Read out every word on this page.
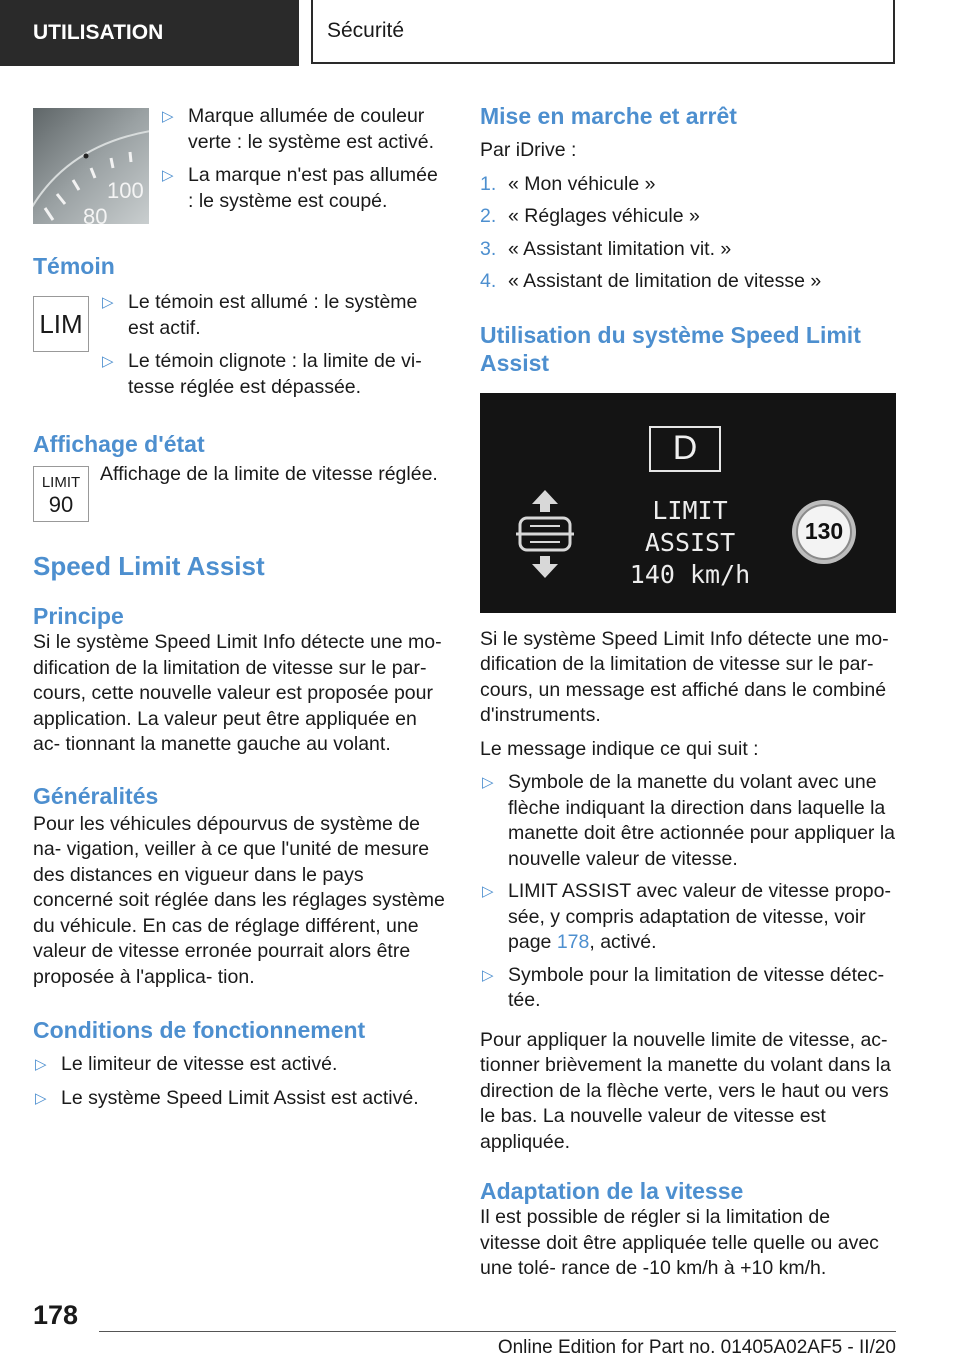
UTILISATION	Sécurité
100
80
▷ Marque allumée de couleur verte : le système est activé.
▷ La marque n'est pas allumée : le système est coupé.
Témoin
LIM
▷ Le témoin est allumé : le système est actif.
▷ Le témoin clignote : la limite de vi‐ tesse réglée est dépassée.
Affichage d'état
LIMIT
90

Affichage de la limite de vitesse réglée.

Speed Limit Assist
Principe

Si le système Speed Limit Info détecte une mo‐ dification de la limitation de vitesse sur le par‐ cours, cette nouvelle valeur est proposée pour application. La valeur peut être appliquée en ac‐ tionnant la manette gauche au volant.

Généralités

Pour les véhicules dépourvus de système de na‐ vigation, veiller à ce que l'unité de mesure des distances en vigueur dans le pays concerné soit réglée dans les réglages système du véhicule. En cas de réglage différent, une valeur de vitesse erronée pourrait alors être proposée à l'applica‐ tion.

Conditions de fonctionnement
▷ Le limiteur de vitesse est activé.
▷ Le système Speed Limit Assist est activé.
Mise en marche et arrêt

Par iDrive :

1. « Mon véhicule »
2. « Réglages véhicule »
3. « Assistant limitation vit. »
4. « Assistant de limitation de vitesse »
Utilisation du système Speed Limit Assist
D
LIMIT ASSIST
140 km/h
130

Si le système Speed Limit Info détecte une mo‐ dification de la limitation de vitesse sur le par‐ cours, un message est affiché dans le combiné d'instruments.

Le message indique ce qui suit :

▷ Symbole de la manette du volant avec une flèche indiquant la direction dans laquelle la manette doit être actionnée pour appliquer la nouvelle valeur de vitesse.
▷ LIMIT ASSIST avec valeur de vitesse propo‐ sée, y compris adaptation de vitesse, voir page 178, activé.
▷ Symbole pour la limitation de vitesse détec‐ tée.

Pour appliquer la nouvelle limite de vitesse, ac‐ tionner brièvement la manette du volant dans la direction de la flèche verte, vers le haut ou vers le bas. La nouvelle valeur de vitesse est appliquée.

Adaptation de la vitesse

Il est possible de régler si la limitation de vitesse doit être appliquée telle quelle ou avec une tolé‐ rance de -10 km/h à +10 km/h.

178
Online Edition for Part no. 01405A02AF5 - II/20
